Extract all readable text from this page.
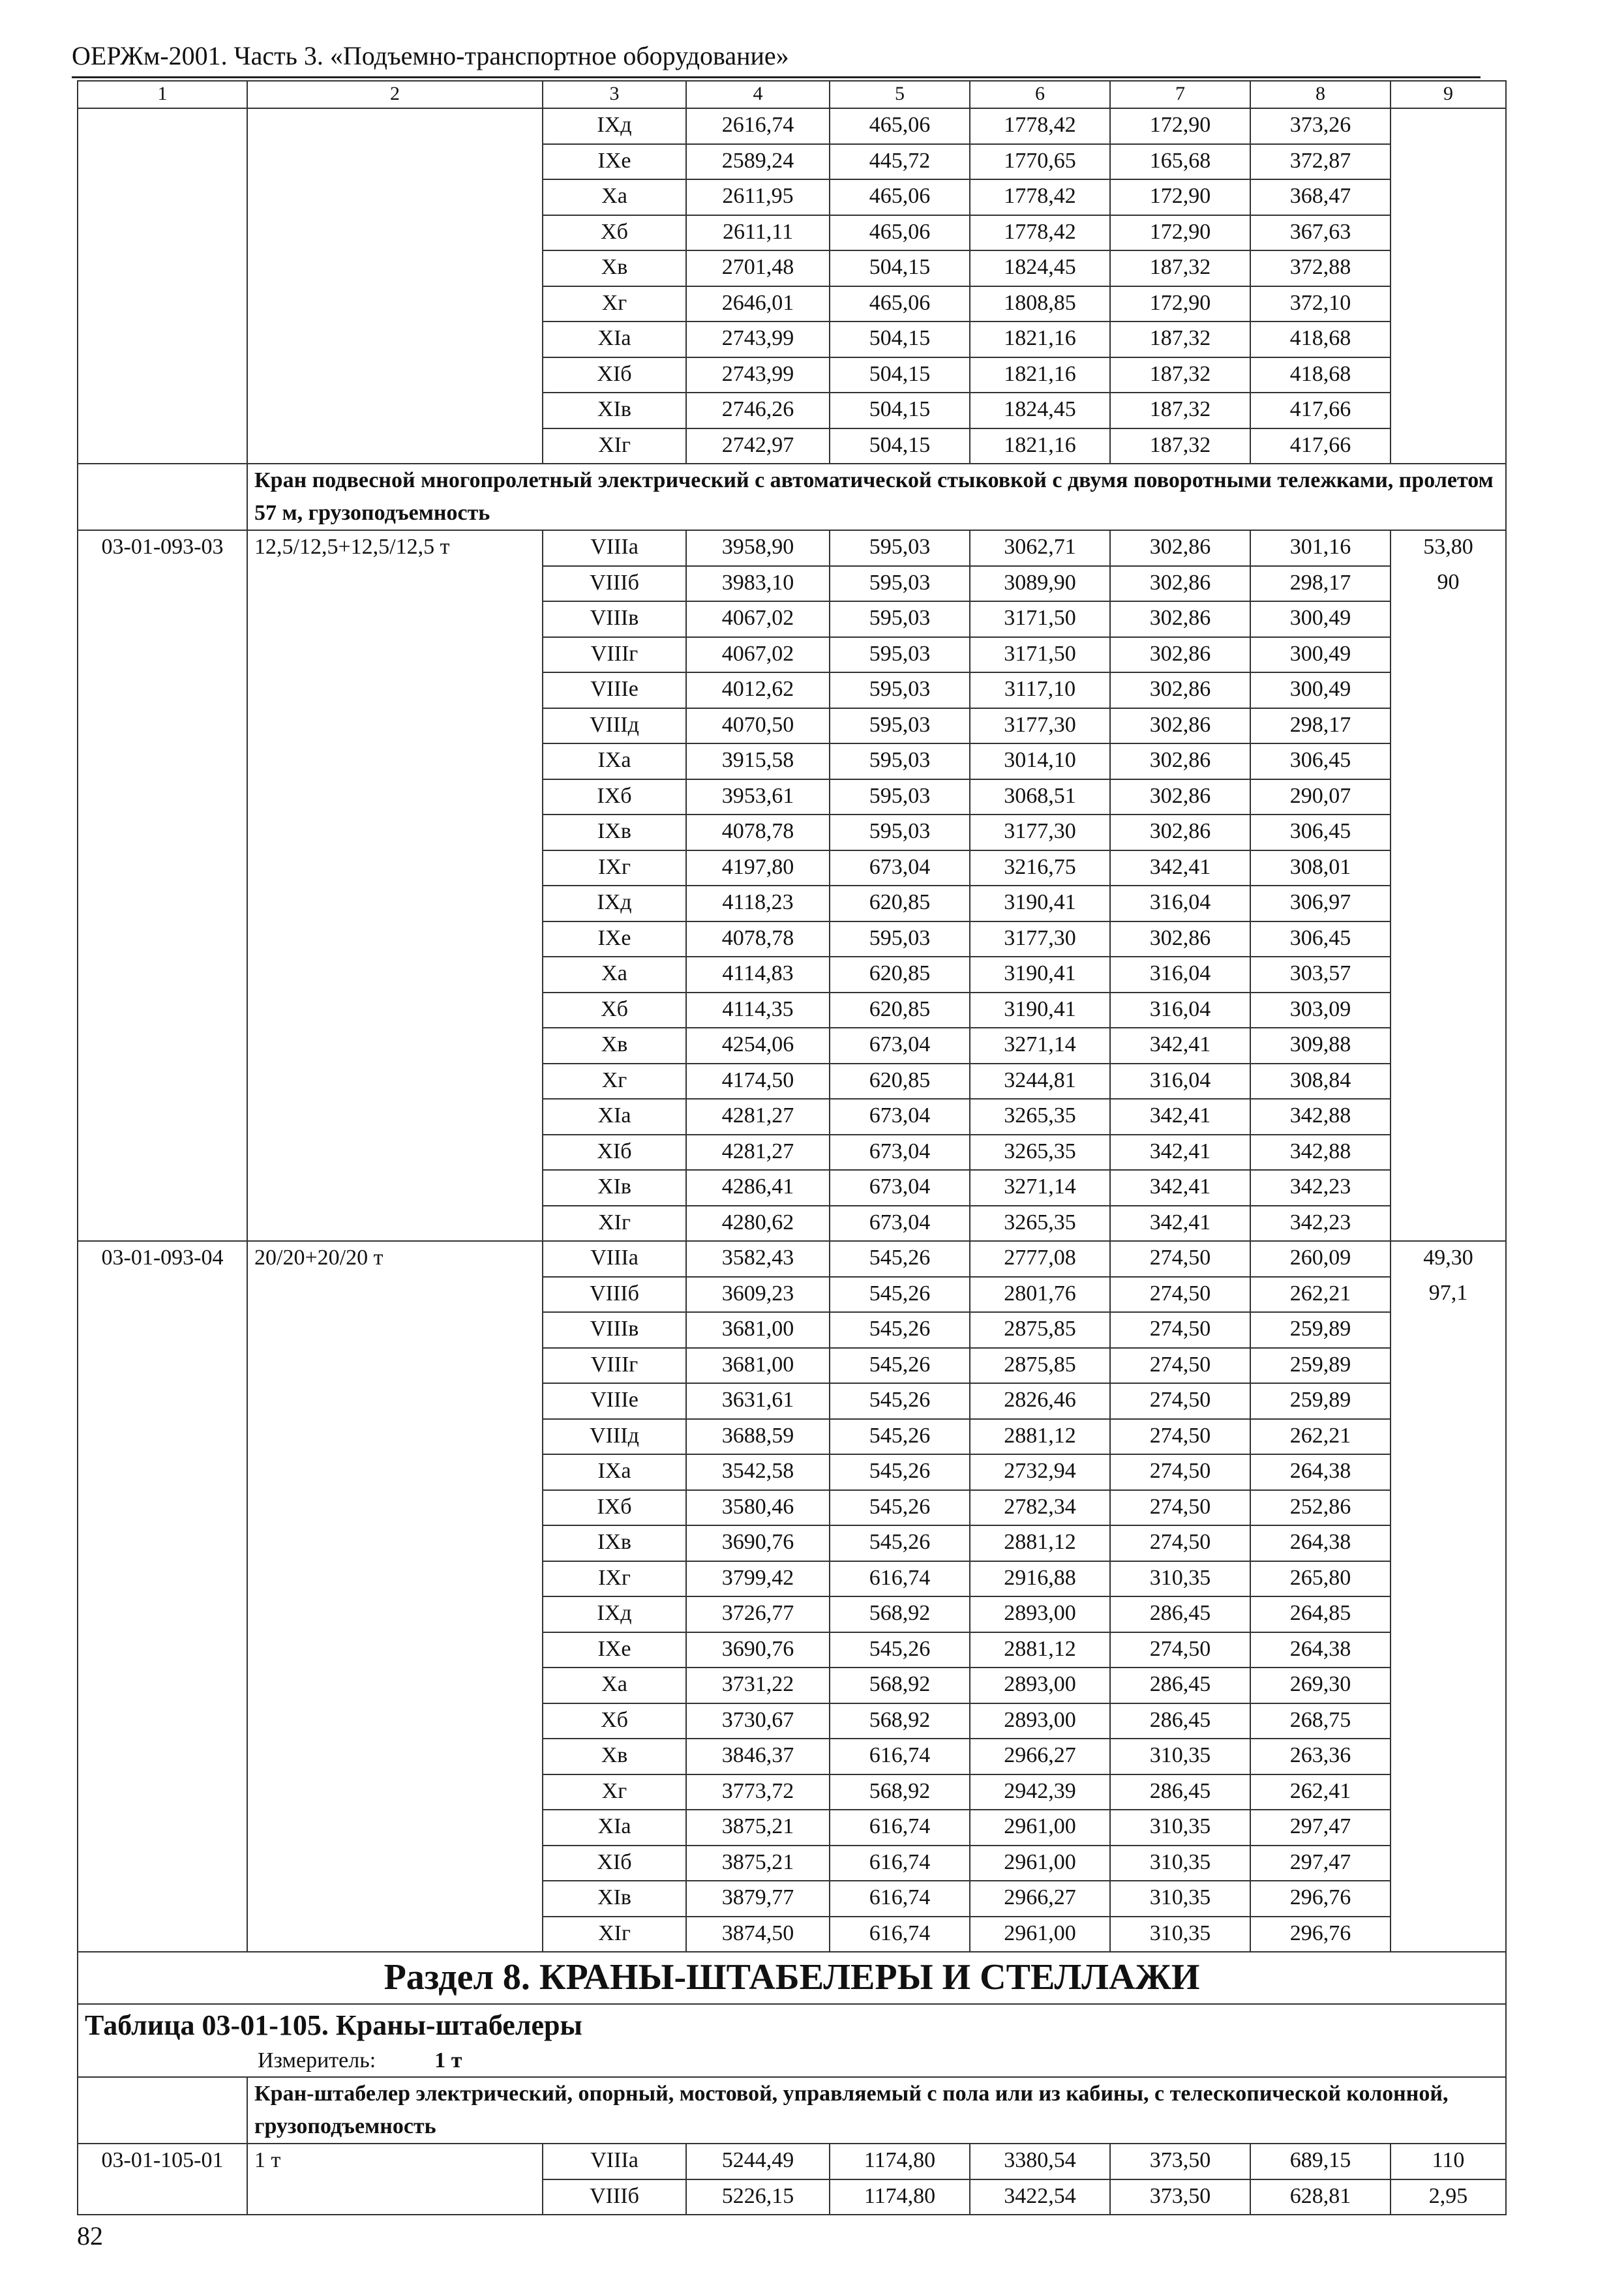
ОЕРЖм-2001. Часть 3. «Подъемно-транспортное оборудование»
1	2	3	4	5	6	7	8	9
		IXд	2616,74	465,06	1778,42	172,90	373,26	
		IXе	2589,24	445,72	1770,65	165,68	372,87	
		Xа	2611,95	465,06	1778,42	172,90	368,47	
		Xб	2611,11	465,06	1778,42	172,90	367,63	
		Xв	2701,48	504,15	1824,45	187,32	372,88	
		Xг	2646,01	465,06	1808,85	172,90	372,10	
		XIа	2743,99	504,15	1821,16	187,32	418,68	
		XIб	2743,99	504,15	1821,16	187,32	418,68	
		XIв	2746,26	504,15	1824,45	187,32	417,66	
		XIг	2742,97	504,15	1821,16	187,32	417,66	
	Кран подвесной многопролетный электрический с автоматической стыковкой с двумя поворотными тележками, пролетом 57 м, грузоподъемность							
03-01-093-03	12,5/12,5+12,5/12,5 т	VIIIа	3958,90	595,03	3062,71	302,86	301,16	53,80
		VIIIб	3983,10	595,03	3089,90	302,86	298,17	90
		VIIIв	4067,02	595,03	3171,50	302,86	300,49	
		VIIIг	4067,02	595,03	3171,50	302,86	300,49	
		VIIIе	4012,62	595,03	3117,10	302,86	300,49	
		VIIIд	4070,50	595,03	3177,30	302,86	298,17	
		IXа	3915,58	595,03	3014,10	302,86	306,45	
		IXб	3953,61	595,03	3068,51	302,86	290,07	
		IXв	4078,78	595,03	3177,30	302,86	306,45	
		IXг	4197,80	673,04	3216,75	342,41	308,01	
		IXд	4118,23	620,85	3190,41	316,04	306,97	
		IXе	4078,78	595,03	3177,30	302,86	306,45	
		Xа	4114,83	620,85	3190,41	316,04	303,57	
		Xб	4114,35	620,85	3190,41	316,04	303,09	
		Xв	4254,06	673,04	3271,14	342,41	309,88	
		Xг	4174,50	620,85	3244,81	316,04	308,84	
		XIа	4281,27	673,04	3265,35	342,41	342,88	
		XIб	4281,27	673,04	3265,35	342,41	342,88	
		XIв	4286,41	673,04	3271,14	342,41	342,23	
		XIг	4280,62	673,04	3265,35	342,41	342,23	
03-01-093-04	20/20+20/20 т	VIIIа	3582,43	545,26	2777,08	274,50	260,09	49,30
		VIIIб	3609,23	545,26	2801,76	274,50	262,21	97,1
		VIIIв	3681,00	545,26	2875,85	274,50	259,89	
		VIIIг	3681,00	545,26	2875,85	274,50	259,89	
		VIIIе	3631,61	545,26	2826,46	274,50	259,89	
		VIIIд	3688,59	545,26	2881,12	274,50	262,21	
		IXа	3542,58	545,26	2732,94	274,50	264,38	
		IXб	3580,46	545,26	2782,34	274,50	252,86	
		IXв	3690,76	545,26	2881,12	274,50	264,38	
		IXг	3799,42	616,74	2916,88	310,35	265,80	
		IXд	3726,77	568,92	2893,00	286,45	264,85	
		IXе	3690,76	545,26	2881,12	274,50	264,38	
		Xа	3731,22	568,92	2893,00	286,45	269,30	
		Xб	3730,67	568,92	2893,00	286,45	268,75	
		Xв	3846,37	616,74	2966,27	310,35	263,36	
		Xг	3773,72	568,92	2942,39	286,45	262,41	
		XIа	3875,21	616,74	2961,00	310,35	297,47	
		XIб	3875,21	616,74	2961,00	310,35	297,47	
		XIв	3879,77	616,74	2966,27	310,35	296,76	
		XIг	3874,50	616,74	2961,00	310,35	296,76	
Раздел 8. КРАНЫ-ШТАБЕЛЕРЫ И СТЕЛЛАЖИ								
Таблица 03-01-105. Краны-штабелеры								
Измеритель: 1 т								
	Кран-штабелер электрический, опорный, мостовой, управляемый с пола или из кабины, с телескопической колонной, грузоподъемность							
03-01-105-01	1 т	VIIIа	5244,49	1174,80	3380,54	373,50	689,15	110
		VIIIб	5226,15	1174,80	3422,54	373,50	628,81	2,95
82
